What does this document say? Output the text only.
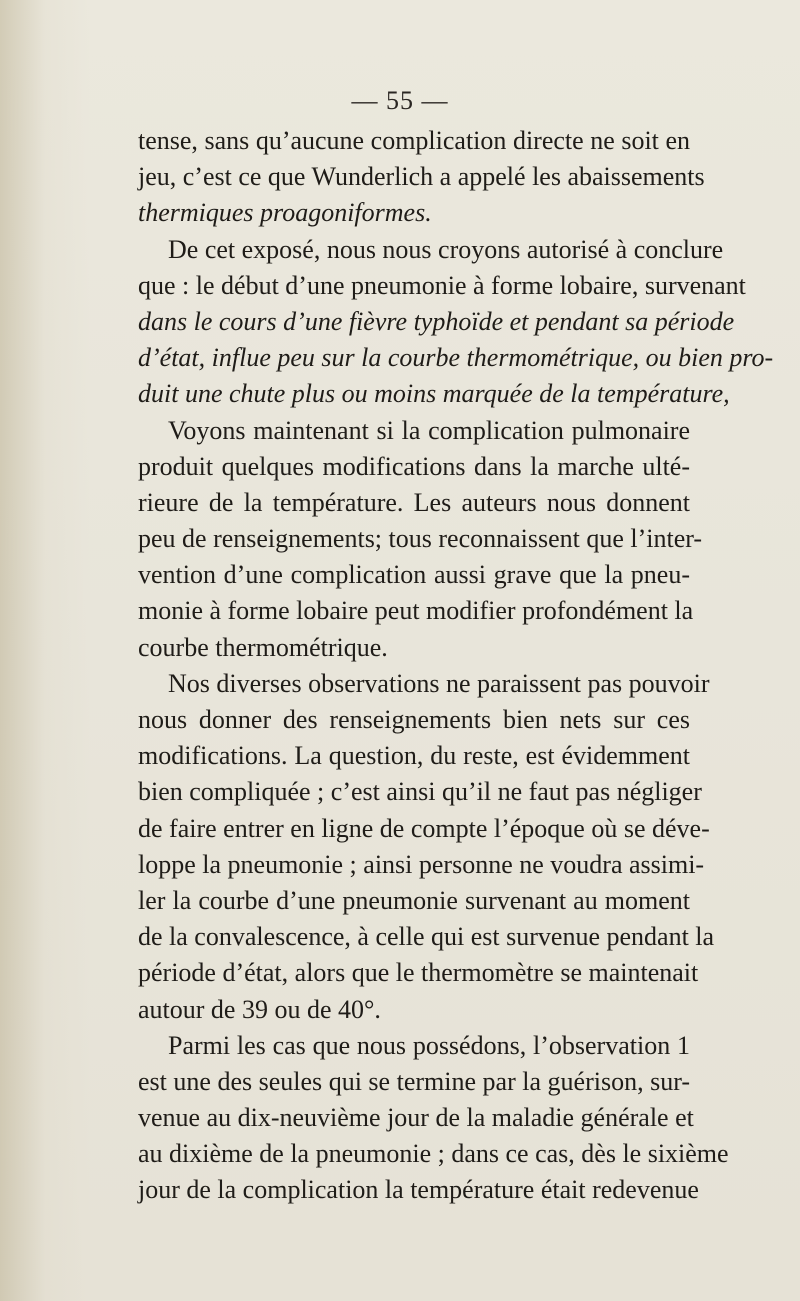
— 55 —
tense, sans qu’aucune complication directe ne soit en
jeu, c’est ce que Wunderlich a appelé les abaissements
thermiques proagoniformes.
De cet exposé, nous nous croyons autorisé à conclure
que : le début d’une pneumonie à forme lobaire, survenant
dans le cours d’une fièvre typhoïde et pendant sa période
d’état, influe peu sur la courbe thermométrique, ou bien pro-
duit une chute plus ou moins marquée de la température,
Voyons maintenant si la complication pulmonaire
produit quelques modifications dans la marche ulté-
rieure de la température. Les auteurs nous donnent
peu de renseignements; tous reconnaissent que l’inter-
vention d’une complication aussi grave que la pneu-
monie à forme lobaire peut modifier profondément la
courbe thermométrique.
Nos diverses observations ne paraissent pas pouvoir
nous donner des renseignements bien nets sur ces
modifications. La question, du reste, est évidemment
bien compliquée ; c’est ainsi qu’il ne faut pas négliger
de faire entrer en ligne de compte l’époque où se déve-
loppe la pneumonie ; ainsi personne ne voudra assimi-
ler la courbe d’une pneumonie survenant au moment
de la convalescence, à celle qui est survenue pendant la
période d’état, alors que le thermomètre se maintenait
autour de 39 ou de 40°.
Parmi les cas que nous possédons, l’observation 1
est une des seules qui se termine par la guérison, sur-
venue au dix-neuvième jour de la maladie générale et
au dixième de la pneumonie ; dans ce cas, dès le sixième
jour de la complication la température était redevenue
